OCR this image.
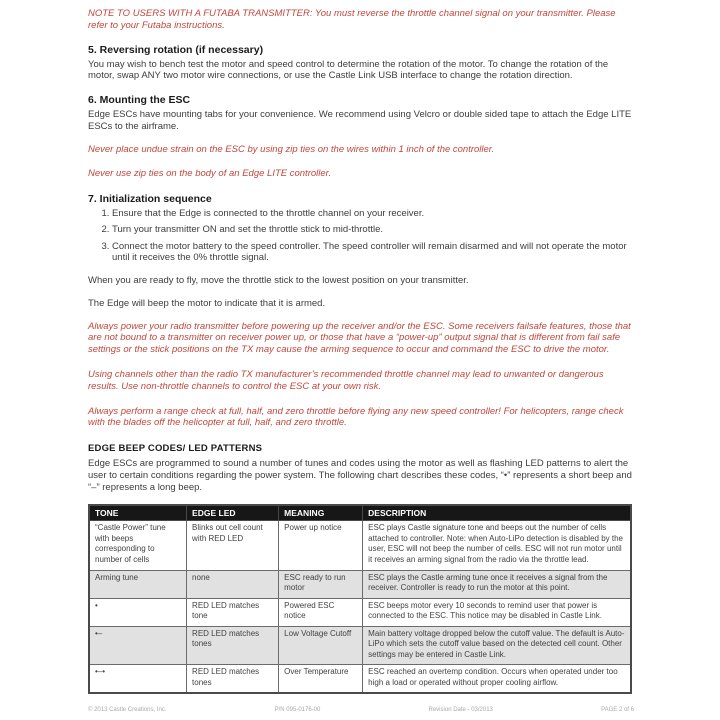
NOTE TO USERS WITH A FUTABA TRANSMITTER: You must reverse the throttle channel signal on your transmitter. Please refer to your Futaba instructions.

5. Reversing rotation (if necessary)

You may wish to bench test the motor and speed control to determine the rotation of the motor. To change the rotation of the motor, swap ANY two motor wire connections, or use the Castle Link USB interface to change the rotation direction.

6. Mounting the ESC

Edge ESCs have mounting tabs for your convenience. We recommend using Velcro or double sided tape to attach the Edge LITE ESCs to the airframe.

Never place undue strain on the ESC by using zip ties on the wires within 1 inch of the controller.

Never use zip ties on the body of an Edge LITE controller.

7. Initialization sequence
1. Ensure that the Edge is connected to the throttle channel on your receiver.
2. Turn your transmitter ON and set the throttle stick to mid-throttle.
3. Connect the motor battery to the speed controller. The speed controller will remain disarmed and will not operate the motor until it receives the 0% throttle signal.

When you are ready to fly, move the throttle stick to the lowest position on your transmitter.

The Edge will beep the motor to indicate that it is armed.

Always power your radio transmitter before powering up the receiver and/or the ESC. Some receivers failsafe features, those that are not bound to a transmitter on receiver power up, or those that have a “power-up” output signal that is different from fail safe settings or the stick positions on the TX may cause the arming sequence to occur and command the ESC to drive the motor.

Using channels other than the radio TX manufacturer’s recommended throttle channel may lead to unwanted or dangerous results. Use non-throttle channels to control the ESC at your own risk.

Always perform a range check at full, half, and zero throttle before flying any new speed controller! For helicopters, range check with the blades off the helicopter at full, half, and zero throttle.

EDGE BEEP CODES/ LED PATTERNS

Edge ESCs are programmed to sound a number of tunes and codes using the motor as well as flashing LED patterns to alert the user to certain conditions regarding the power system. The following chart describes these codes, “•” represents a short beep and “–” represents a long beep.

TONE	EDGE LED	MEANING	DESCRIPTION
“Castle Power” tune with beeps corresponding to number of cells	Blinks out cell count with RED LED	Power up notice	ESC plays Castle signature tone and beeps out the number of cells attached to controller. Note: when Auto-LiPo detection is disabled by the user, ESC will not beep the number of cells. ESC will not run motor until it receives an arming signal from the radio via the throttle lead.
Arming tune	none	ESC ready to run motor	ESC plays the Castle arming tune once it receives a signal from the receiver. Controller is ready to run the motor at this point.
•	RED LED matches tone	Powered ESC notice	ESC beeps motor every 10 seconds to remind user that power is connected to the ESC. This notice may be disabled in Castle Link.
•–	RED LED matches tones	Low Voltage Cutoff	Main battery voltage dropped below the cutoff value. The default is Auto-LiPo which sets the cutoff value based on the detected cell count. Other settings may be entered in Castle Link.
•–•	RED LED matches tones	Over Temperature	ESC reached an overtemp condition. Occurs when operated under too high a load or operated without proper cooling airflow.
© 2013 Castle Creations, Inc.	P/N 095-0176-00	Revision Date - 03/2013	PAGE 2 of 6
